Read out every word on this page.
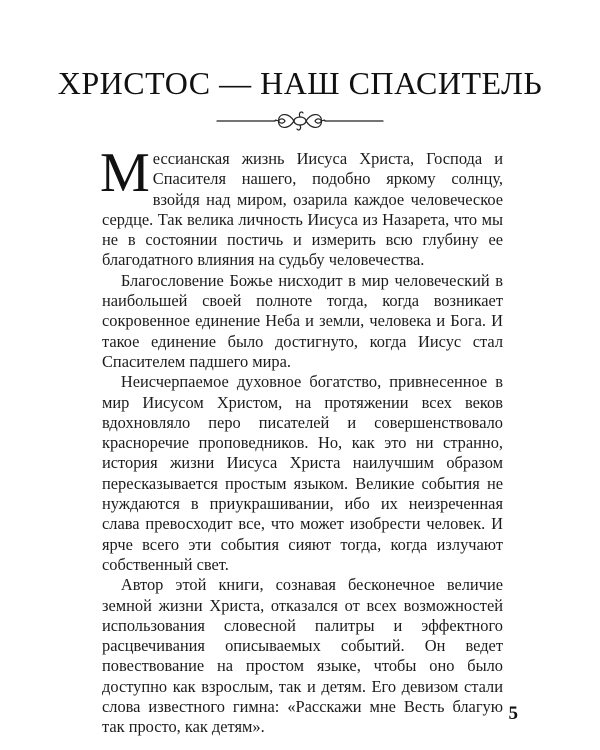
ХРИСТОС — НАШ СПАСИТЕЛЬ

Мессианская жизнь Иисуса Христа, Господа и Спасителя нашего, подобно яркому солнцу, взойдя над миром, озарила каждое человеческое сердце. Так велика личность Иисуса из Назарета, что мы не в состоянии постичь и измерить всю глубину ее благодатного влияния на судьбу человечества.

Благословение Божье нисходит в мир человеческий в наибольшей своей полноте тогда, когда возникает сокровенное единение Неба и земли, человека и Бога. И такое единение было достигнуто, когда Иисус стал Спасителем падшего мира.

Неисчерпаемое духовное богатство, привнесенное в мир Иисусом Христом, на протяжении всех веков вдохновляло перо писателей и совершенствовало красноречие проповедников. Но, как это ни странно, история жизни Иисуса Христа наилучшим образом пересказывается простым языком. Великие события не нуждаются в приукрашивании, ибо их неизреченная слава превосходит все, что может изобрести человек. И ярче всего эти события сияют тогда, когда излучают собственный свет.

Автор этой книги, сознавая бесконечное величие земной жизни Христа, отказался от всех возможностей использования словесной палитры и эффектного расцвечивания описываемых событий. Он ведет повествование на простом языке, чтобы оно было доступно как взрослым, так и детям. Его девизом стали слова известного гимна: «Расскажи мне Весть благую так просто, как детям».

5
